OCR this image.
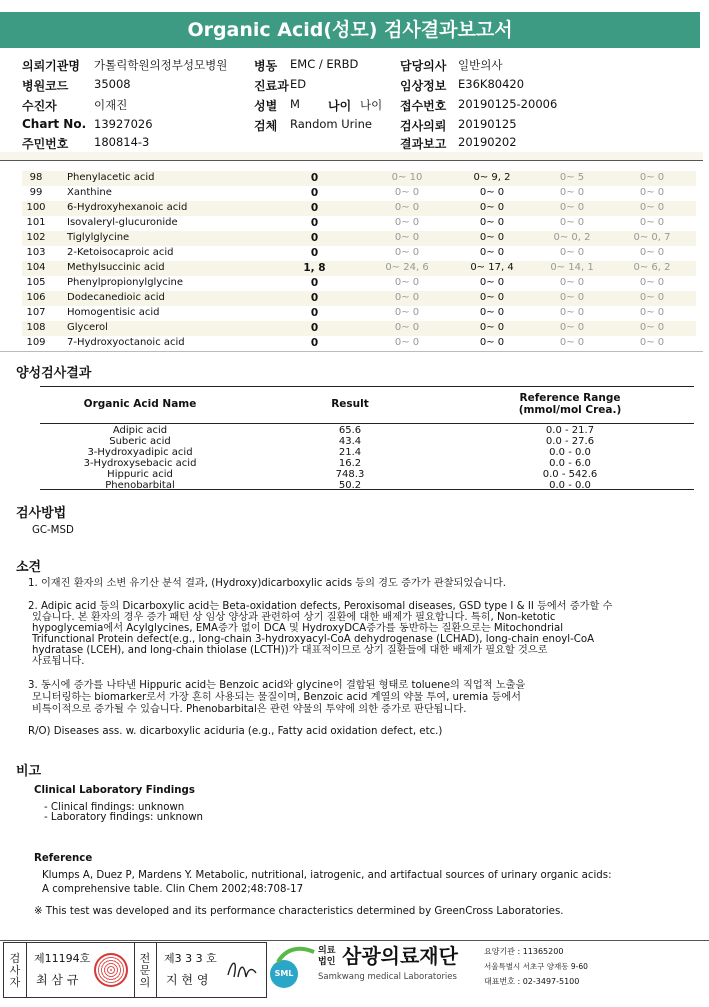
Organic Acid(성모) 검사결과보고서
의뢰기관명 가톨릭학원의정부성모병원 병동 EMC / ERBD	담당의사 일반의사
병원코드 35008	진료과 ED	임상정보 E36K80420
수진자	이재진	성별 M 나이 나이 접수번호 20190125-20006
Chart No. 13927026	검체 Random Urine 검사의뢰 20190125
주민번호 180814-3	결과보고 20190202
98	Phenylacetic acid	0	0~ 10	0~ 9, 2	0~ 5	0~ 0
99	Xanthine	0	0~ 0	0~ 0	0~ 0	0~ 0
100	6-Hydroxyhexanoic acid	0	0~ 0	0~ 0	0~ 0	0~ 0
101	Isovaleryl-glucuronide	0	0~ 0	0~ 0	0~ 0	0~ 0
102	Tiglylglycine	0	0~ 0	0~ 0	0~ 0, 2	0~ 0, 7
103	2-Ketoisocaproic acid	0	0~ 0	0~ 0	0~ 0	0~ 0
104	Methylsuccinic acid	1, 8	0~ 24, 6	0~ 17, 4	0~ 14, 1	0~ 6, 2
105	Phenylpropionylglycine	0	0~ 0	0~ 0	0~ 0	0~ 0
106	Dodecanedioic acid	0	0~ 0	0~ 0	0~ 0	0~ 0
107	Homogentisic acid	0	0~ 0	0~ 0	0~ 0	0~ 0
108	Glycerol	0	0~ 0	0~ 0	0~ 0	0~ 0
109	7-Hydroxyoctanoic acid	0	0~ 0	0~ 0	0~ 0	0~ 0
양성검사결과
Organic Acid Name	Result	Reference Range
(mmol/mol Crea.)
Adipic acid	65.6	0.0 - 21.7
Suberic acid	43.4	0.0 - 27.6
3-Hydroxyadipic acid	21.4	0.0 - 0.0
3-Hydroxysebacic acid	16.2	0.0 - 6.0
Hippuric acid	748.3	0.0 - 542.6
Phenobarbital	50.2	0.0 - 0.0
검사방법
GC-MSD
소견
1. 이재진 환자의 소변 유기산 분석 결과, (Hydroxy)dicarboxylic acids 등의 경도 증가가 관찰되었습니다.
2. Adipic acid 등의 Dicarboxylic acid는 Beta-oxidation defects, Peroxisomal diseases, GSD type I & II 등에서 증가할 수
있습니다. 본 환자의 경우 증가 패턴 상 임상 양상과 관련하여 상기 질환에 대한 배제가 필요합니다. 특히, Non-ketotic
hypoglycemia에서 Acylglycines, EMA증가 없이 DCA 및 HydroxyDCA증가를 동반하는 질환으로는 Mitochondrial
Trifunctional Protein defect(e.g., long-chain 3-hydroxyacyl-CoA dehydrogenase (LCHAD), long-chain enoyl-CoA
hydratase (LCEH), and long-chain thiolase (LCTH))가 대표적이므로 상기 질환들에 대한 배제가 필요할 것으로
사료됩니다.
3. 동시에 증가를 나타낸 Hippuric acid는 Benzoic acid와 glycine이 결합된 형태로 toluene의 직업적 노출을
모니터링하는 biomarker로서 가장 흔히 사용되는 물질이며, Benzoic acid 계열의 약물 투여, uremia 등에서
비특이적으로 증가될 수 있습니다. Phenobarbital은 관련 약물의 투약에 의한 증가로 판단됩니다.
R/O) Diseases ass. w. dicarboxylic aciduria (e.g., Fatty acid oxidation defect, etc.)
비고
Clinical Laboratory Findings
- Clinical findings: unknown
- Laboratory findings: unknown
Reference
Klumps A, Duez P, Mardens Y. Metabolic, nutritional, iatrogenic, and artifactual sources of urinary organic acids:
A comprehensive table. Clin Chem 2002;48:708-17
※ This test was developed and its performance characteristics determined by GreenCross Laboratories.
검사자
제11194호
최 삼 규
전문의
제3 3 3 호
지 현 영	SML
의료
법인 삼광의료재단
Samkwang medical Laboratories
요양기관 : 11365200
서울특별시 서초구 양재동 9-60
대표번호 : 02-3497-5100
